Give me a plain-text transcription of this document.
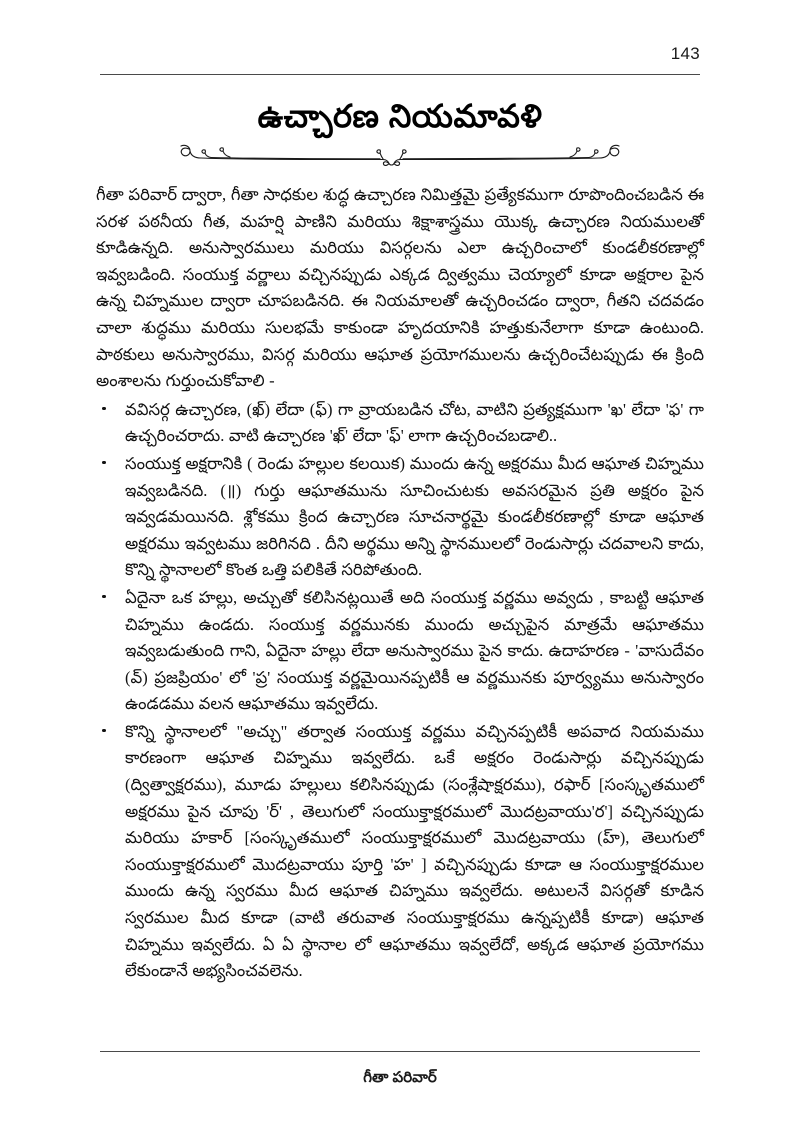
143
ఉచ్చారణ నియమావళి

గీతా పరివార్ ద్వారా, గీతా సాధకుల శుద్ధ ఉచ్చారణ నిమిత్తమై ప్రత్యేకముగా రూపొందించబడిన ఈ సరళ పఠనీయ గీత, మహర్షి పాణిని మరియు శిక్షాశాస్త్రము యొక్క ఉచ్చారణ నియములతో కూడిఉన్నది. అనుస్వారములు మరియు విసర్గలను ఎలా ఉచ్చరించాలో కుండలీకరణాల్లో ఇవ్వబడింది. సంయుక్త వర్ణాలు వచ్చినప్పుడు ఎక్కడ ద్విత్వము చెయ్యాలో కూడా అక్షరాల పైన ఉన్న చిహ్నముల ద్వారా చూపబడినది. ఈ నియమాలతో ఉచ్చరించడం ద్వారా, గీతని చదవడం చాలా శుద్ధము మరియు సులభమే కాకుండా హృదయానికి హత్తుకునేలాగా కూడా ఉంటుంది. పాఠకులు అనుస్వారము, విసర్గ మరియు ఆఘాత ప్రయోగములను ఉచ్చరించేటప్పుడు ఈ క్రింది అంశాలను గుర్తుంచుకోవాలి -

వవిసర్గ ఉచ్చారణ, (ఖ్) లేదా (ఫ్) గా వ్రాయబడిన చోట, వాటిని ప్రత్యక్షముగా 'ఖ' లేదా 'ఫ' గా ఉచ్చరించరాదు. వాటి ఉచ్చారణ 'ఖ్' లేదా 'ఫ్' లాగా ఉచ్చరించబడాలి..
సంయుక్త అక్షరానికి ( రెండు హల్లుల కలయిక) ముందు ఉన్న అక్షరము మీద ఆఘాత చిహ్నము ఇవ్వబడినది. (॥) గుర్తు ఆఘాతమును సూచించుటకు అవసరమైన ప్రతి అక్షరం పైన ఇవ్వడమయినది. శ్లోకము క్రింద ఉచ్చారణ సూచనార్థమై కుండలీకరణాల్లో కూడా ఆఘాత అక్షరము ఇవ్వటము జరిగినది . దీని అర్థము అన్ని స్థానములలో రెండుసార్లు చదవాలని కాదు, కొన్ని స్థానాలలో కొంత ఒత్తి పలికితే సరిపోతుంది.
ఏదైనా ఒక హల్లు, అచ్చుతో కలిసినట్లయితే అది సంయుక్త వర్ణము అవ్వదు , కాబట్టి ఆఘాత చిహ్నము ఉండదు. సంయుక్త వర్ణమునకు ముందు అచ్చుపైన మాత్రమే ఆఘాతము ఇవ్వబడుతుంది గాని, ఏదైనా హల్లు లేదా అనుస్వారము పైన కాదు. ఉదాహరణ - 'వాసుదేవం (వ్) ప్రజప్రియం' లో 'ప్ర' సంయుక్త వర్ణమైయినప్పటికీ ఆ వర్ణమునకు పూర్వ్యము అనుస్వారం ఉండడము వలన ఆఘాతము ఇవ్వలేదు.
కొన్ని స్థానాలలో "అచ్చు" తర్వాత సంయుక్త వర్ణము వచ్చినప్పటికీ అపవాద నియమము కారణంగా ఆఘాత చిహ్నము ఇవ్వలేదు. ఒకే అక్షరం రెండుసార్లు వచ్చినప్పుడు (ద్విత్వాక్షరము), మూడు హల్లులు కలిసినప్పుడు (సంశ్లేషాక్షరము), రఫార్ [సంస్కృతములో అక్షరము పైన చూపు 'ర్' , తెలుగులో సంయుక్తాక్షరములో మొదట్రవాయు'ర'] వచ్చినప్పుడు మరియు హకార్ [సంస్కృతములో సంయుక్తాక్షరములో మొదట్రవాయు (హ్), తెలుగులో సంయుక్తాక్షరములో మొదట్రవాయు పూర్తి 'హ' ] వచ్చినప్పుడు కూడా ఆ సంయుక్తాక్షరముల ముందు ఉన్న స్వరము మీద ఆఘాత చిహ్నము ఇవ్వలేదు. అటులనే విసర్గతో కూడిన స్వరముల మీద కూడా (వాటి తరువాత సంయుక్తాక్షరము ఉన్నప్పటికీ కూడా) ఆఘాత చిహ్నము ఇవ్వలేదు. ఏ ఏ స్థానాల లో ఆఘాతము ఇవ్వలేదో, అక్కడ ఆఘాత ప్రయోగము లేకుండానే అభ్యసించవలెను.
గీతా పరివార్
